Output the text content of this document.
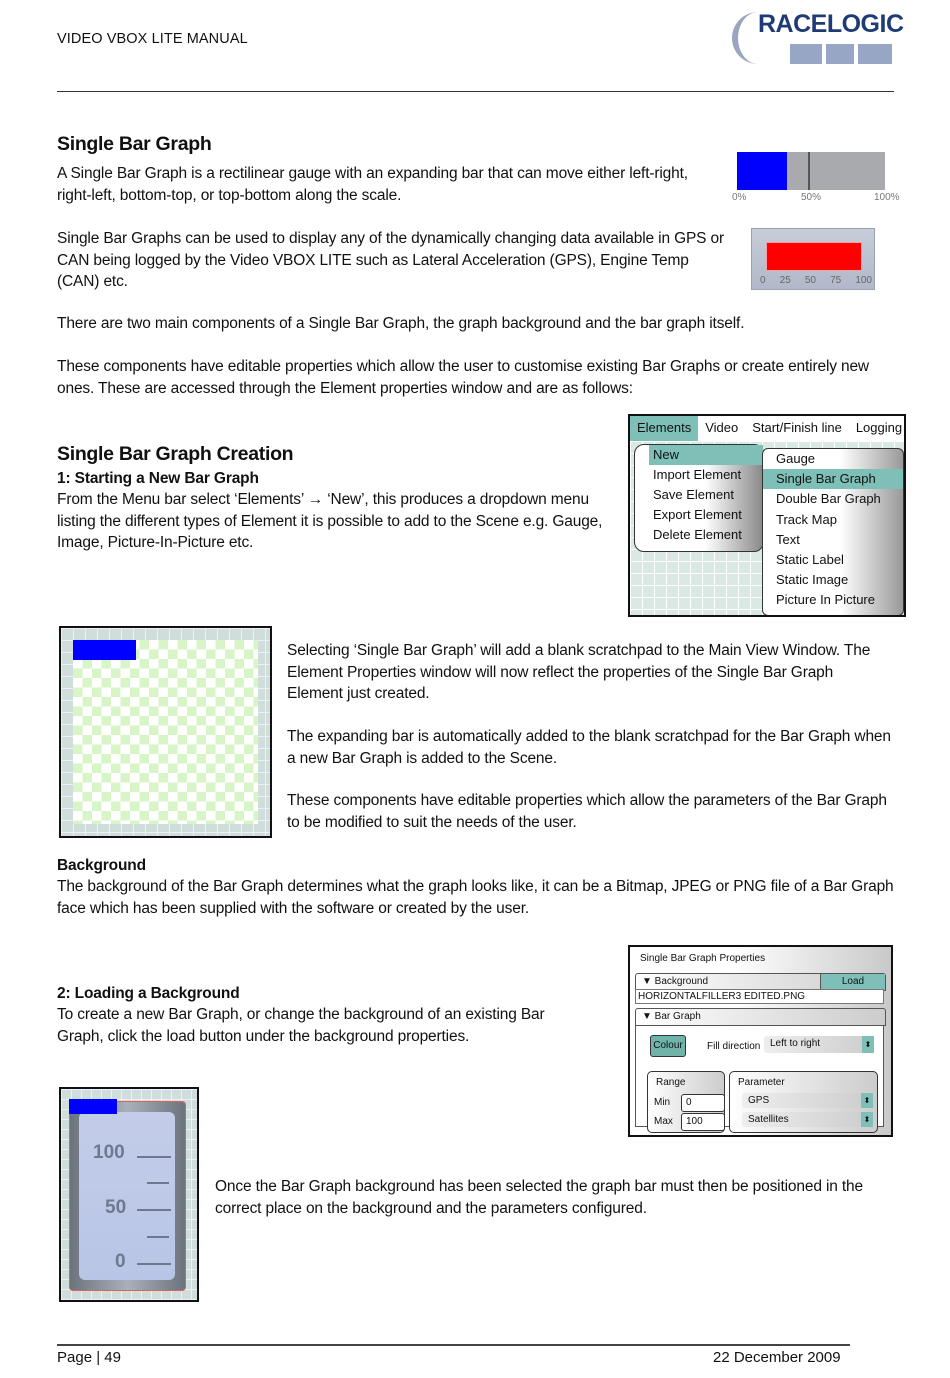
VIDEO VBOX LITE MANUAL
RACELOGIC
Single Bar Graph

A Single Bar Graph is a rectilinear gauge with an expanding bar that can move either left-right, right-left, bottom-top, or top-bottom along the scale.

Single Bar Graphs can be used to display any of the dynamically changing data available in GPS or CAN being logged by the Video VBOX LITE such as Lateral Acceleration (GPS), Engine Temp (CAN) etc.

There are two main components of a Single Bar Graph, the graph background and the bar graph itself.

These components have editable properties which allow the user to customise existing Bar Graphs or create entirely new ones. These are accessed through the Element properties window and are as follows:

0%	50%	100%
0 25 50 75 100
Single Bar Graph Creation

1: Starting a New Bar Graph

From the Menu bar select ‘Elements’ → ‘New’, this produces a dropdown menu listing the different types of Element it is possible to add to the Scene e.g. Gauge, Image, Picture-In-Picture etc.

Elements	Video	Start/Finish line	Logging
New
Import Element
Save Element
Export Element
Delete Element
Gauge
Single Bar Graph
Double Bar Graph
Track Map
Text
Static Label
Static Image
Picture In Picture

Selecting ‘Single Bar Graph’ will add a blank scratchpad to the Main View Window. The Element Properties window will now reflect the properties of the Single Bar Graph Element just created.

The expanding bar is automatically added to the blank scratchpad for the Bar Graph when a new Bar Graph is added to the Scene.

These components have editable properties which allow the parameters of the Bar Graph to be modified to suit the needs of the user.

Background

The background of the Bar Graph determines what the graph looks like, it can be a Bitmap, JPEG or PNG file of a Bar Graph face which has been supplied with the software or created by the user.

2: Loading a Background

To create a new Bar Graph, or change the background of an existing Bar Graph, click the load button under the background properties.

Single Bar Graph Properties
▼ Background	Load
HORIZONTALFILLER3 EDITED.PNG
▼ Bar Graph
Colour	Fill direction Left to right	⬍
Range
Min	0
Max	100
Parameter
GPS	⬍
Satellites	⬍
100
50
0

Once the Bar Graph background has been selected the graph bar must then be positioned in the correct place on the background and the parameters configured.

Page | 49	22 December 2009
